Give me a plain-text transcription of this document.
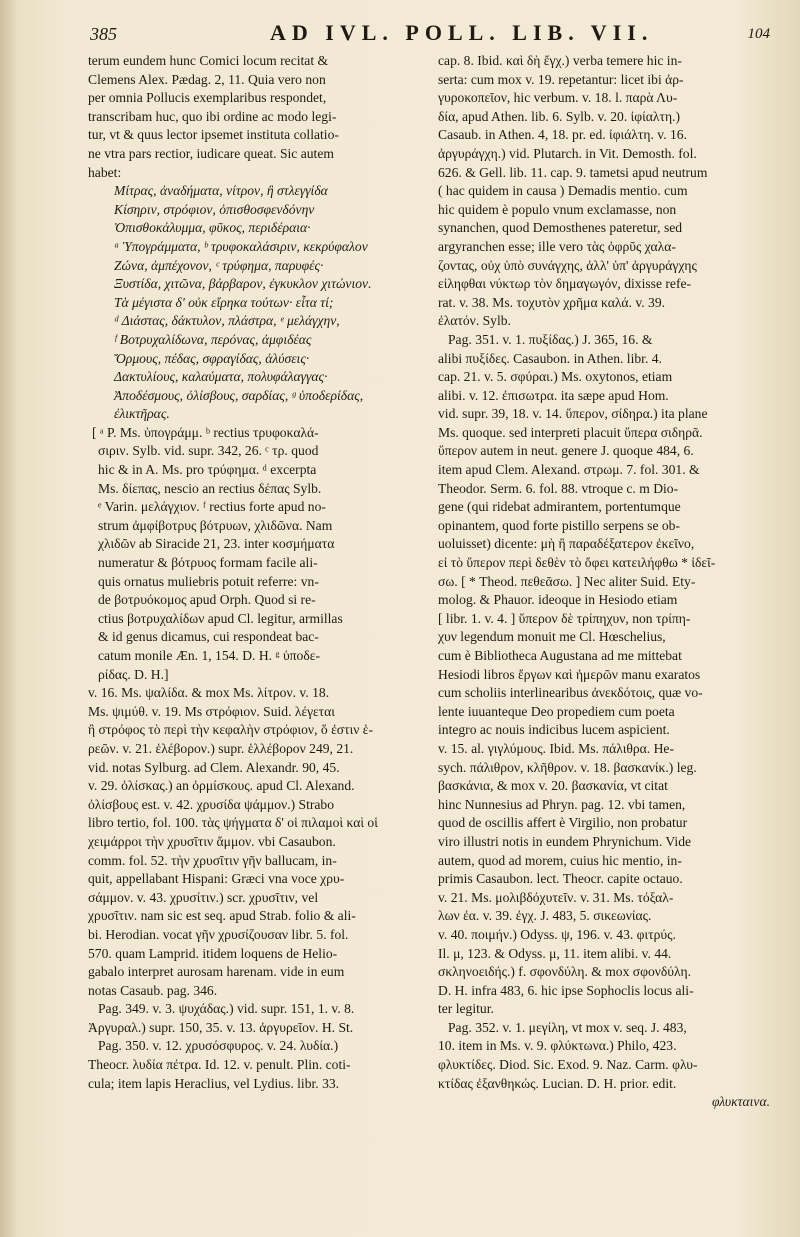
385	AD IVL. POLL. LIB. VII.	104
terum eundem hunc Comici locum recitat &
Clemens Alex. Pædag. 2, 11. Quia vero non
per omnia Pollucis exemplaribus respondet,
transcribam huc, quo ibi ordine ac modo legi-
tur, vt & quus lector ipsemet instituta collatio-
ne vtra pars rectior, iudicare queat. Sic autem
habet:
Μίτρας, ἀναδήματα, νίτρον, ἢ στλεγγίδα
Κίσηριν, στρόφιον, ὀπισθοσφενδόνην
Ὀπισθοκάλυμμα, φῦκος, περιδέραια·
ᵃ Ὑπογράμματα, ᵇ τρυφοκαλάσιριν, κεκρύφαλον
Ζώνα, ἀμπέχονον, ᶜ τρύφημα, παρυφές·
Ξυστίδα, χιτῶνα, βάρβαρον, ἐγκυκλον χιτώνιον.
Τὰ μέγιστα δ' οὐκ εἴρηκα τούτων· εἶτα τί;
ᵈ Διάστας, δάκτυλον, πλάστρα, ᵉ μελάγχην,
ᶠ Βοτρυχαλίδωνα, περόνας, ἀμφιδέας
Ὄρμους, πέδας, σφραγίδας, ἁλύσεις·
Δακτυλίους, καλαύματα, πολυφάλαγγας·
Ἀποδέσμους, ὀλίσβους, σαρδίας, ᵍ ὑποδερίδας,
ἐλικτῆρας.
[ ᵃ P. Ms. ὑπογράμμ. ᵇ rectius τρυφοκαλά-
σιριν. Sylb. vid. supr. 342, 26. ᶜ τρ. quod
hic & in A. Ms. pro τρύφημα. ᵈ excerpta
Ms. δίεπας, nescio an rectius δέπας Sylb.
ᵉ Varin. μελάγχιον. ᶠ rectius forte apud no-
strum ἀμφίβοτρυς βότρυων, χλιδῶνα. Nam
χλιδῶν ab Siracide 21, 23. inter κοσμήματα
numeratur & βότρυος formam facile ali-
quis ornatus muliebris potuit referre: vn-
de βοτρυόκομος apud Orph. Quod si re-
ctius βοτρυχαλίδων apud Cl. legitur, armillas
& id genus dicamus, cui respondeat bac-
catum monile Æn. 1, 154. D. H. ᵍ ὑποδε-
ρίδας. D. H.]
v. 16. Ms. ψαλίδα. & mox Ms. λίτρον. v. 18.
Ms. ψιμύθ. v. 19. Ms στρόφιον. Suid. λέγεται
ἢ στρόφος τὸ περὶ τὴν κεφαλὴν στρόφιον, ὅ ἐστιν ἑ-
ρεῶν. v. 21. ἑλέβορον.) supr. ἑλλέβορον 249, 21.
vid. notas Sylburg. ad Clem. Alexandr. 90, 45.
v. 29. ὀλίσκας.) an ὀρμίσκους. apud Cl. Alexand.
ὀλίσβους est. v. 42. χρυσίδα ψάμμον.) Strabo
libro tertio, fol. 100. τὰς ψήγματα δ' οἱ πιλαμοὶ καὶ οἱ
χειμάρροι τὴν χρυσῖτιν ἄμμον. vbi Casaubon.
comm. fol. 52. τὴν χρυσῖτιν γῆν ballucam, in-
quit, appellabant Hispani: Græci vna voce χρυ-
σάμμον. v. 43. χρυσίτιν.) scr. χρυσῖτιν, vel
χρυσῖτιν. nam sic est seq. apud Strab. folio & ali-
bi. Herodian. vocat γῆν χρυσίζουσαν libr. 5. fol.
570. quam Lamprid. itidem loquens de Helio-
gabalo interpret aurosam harenam. vide in eum
notas Casaub. pag. 346.
Pag. 349. v. 3. ψυχάδας.) vid. supr. 151, 1. v. 8.
Ἀργυραλ.) supr. 150, 35. v. 13. ἀργυρεῖον. H. St.
Pag. 350. v. 12. χρυσόσφυρος. v. 24. λυδία.)
Theocr. λυδία πέτρα. Id. 12. v. penult. Plin. coti-
cula; item lapis Heraclius, vel Lydius. libr. 33.
cap. 8. Ibid. καὶ δὴ ἔγχ.) verba temere hic in-
serta: cum mox v. 19. repetantur: licet ibi ἀρ-
γυροκοπεῖον, hic verbum. v. 18. l. παρὰ Λυ-
δία, apud Athen. lib. 6. Sylb. v. 20. ἰφίαλτη.)
Casaub. in Athen. 4, 18. pr. ed. ἰφιάλτη. v. 16.
ἀργυράγχη.) vid. Plutarch. in Vit. Demosth. fol.
626. & Gell. lib. 11. cap. 9. tametsi apud neutrum
( hac quidem in causa ) Demadis mentio. cum
hic quidem è populo vnum exclamasse, non
synanchen, quod Demosthenes pateretur, sed
argyranchen esse; ille vero τὰς ὀφρῦς χαλα-
ζοντας, οὐχ ὑπὸ συνάγχης, ἀλλ' ὑπ' ἀργυράγχης
εἰληφθαι νύκτωρ τὸν δημαγωγόν, dixisse refe-
rat. v. 38. Ms. τοχυτὸν χρῆμα καλά. v. 39.
ἐλατόν. Sylb.
Pag. 351. v. 1. πυξίδας.) J. 365, 16. &
alibi πυξίδες. Casaubon. in Athen. libr. 4.
cap. 21. v. 5. σφύραι.) Ms. oxytonos, etiam
alibi. v. 12. ἐπισωτρα. ita sæpe apud Hom.
vid. supr. 39, 18. v. 14. ὕπερον, σίδηρα.) ita plane
Ms. quoque. sed interpreti placuit ὕπερα σιδηρᾶ.
ὕπερον autem in neut. genere J. quoque 484, 6.
item apud Clem. Alexand. στρωμ. 7. fol. 301. &
Theodor. Serm. 6. fol. 88. vtroque c. m Dio-
gene (qui ridebat admirantem, portentumque
opinantem, quod forte pistillo serpens se ob-
uoluisset) dicente: μὴ ἢ παραδέξατερον ἐκεῖνο,
εἰ τὸ ὕπερον περὶ δεθὲν τὸ ὄφει κατειλήφθω * ἰδεῖ-
σω. [ * Theod. πεθεᾶσω. ] Nec aliter Suid. Ety-
molog. & Phauor. ideoque in Hesiodo etiam
[ libr. 1. v. 4. ] ὕπερον δὲ τρίπηχυν, non τρίπη-
χυν legendum monuit me Cl. Hœschelius,
cum è Bibliotheca Augustana ad me mittebat
Hesiodi libros ἔργων καὶ ἡμερῶν manu exaratos
cum scholiis interlinearibus ἀνεκδότοις, quæ vo-
lente iuuanteque Deo propediem cum poeta
integro ac nouis indicibus lucem aspicient.
v. 15. al. γιγλύμους. Ibid. Ms. πάλιθρα. He-
sych. πάλιθρον, κλῆθρον. v. 18. βασκανίκ.) leg.
βασκάνια, & mox v. 20. βασκανία, vt citat
hinc Nunnesius ad Phryn. pag. 12. vbi tamen,
quod de oscillis affert è Virgilio, non probatur
viro illustri notis in eundem Phrynichum. Vide
autem, quod ad morem, cuius hic mentio, in-
primis Casaubon. lect. Theocr. capite octauo.
v. 21. Ms. μολιβδόχυτεῖν. v. 31. Ms. τόξαλ-
λων ἐα. v. 39. ἐγχ. J. 483, 5. σικεωνίας.
v. 40. ποιμήν.) Odyss. ψ, 196. v. 43. φιτρύς.
Il. μ, 123. & Odyss. μ, 11. item alibi. v. 44.
σκληνοειδής.) f. σφονδύλη. & mox σφονδύλη.
D. H. infra 483, 6. hic ipse Sophoclis locus ali-
ter legitur.
Pag. 352. v. 1. μεγίλη, vt mox v. seq. J. 483,
10. item in Ms. v. 9. φλύκτωνα.) Philo, 423.
φλυκτίδες. Diod. Sic. Exod. 9. Naz. Carm. φλυ-
κτίδας ἐξανθηκώς. Lucian. D. H. prior. edit.
φλυκταινα.
